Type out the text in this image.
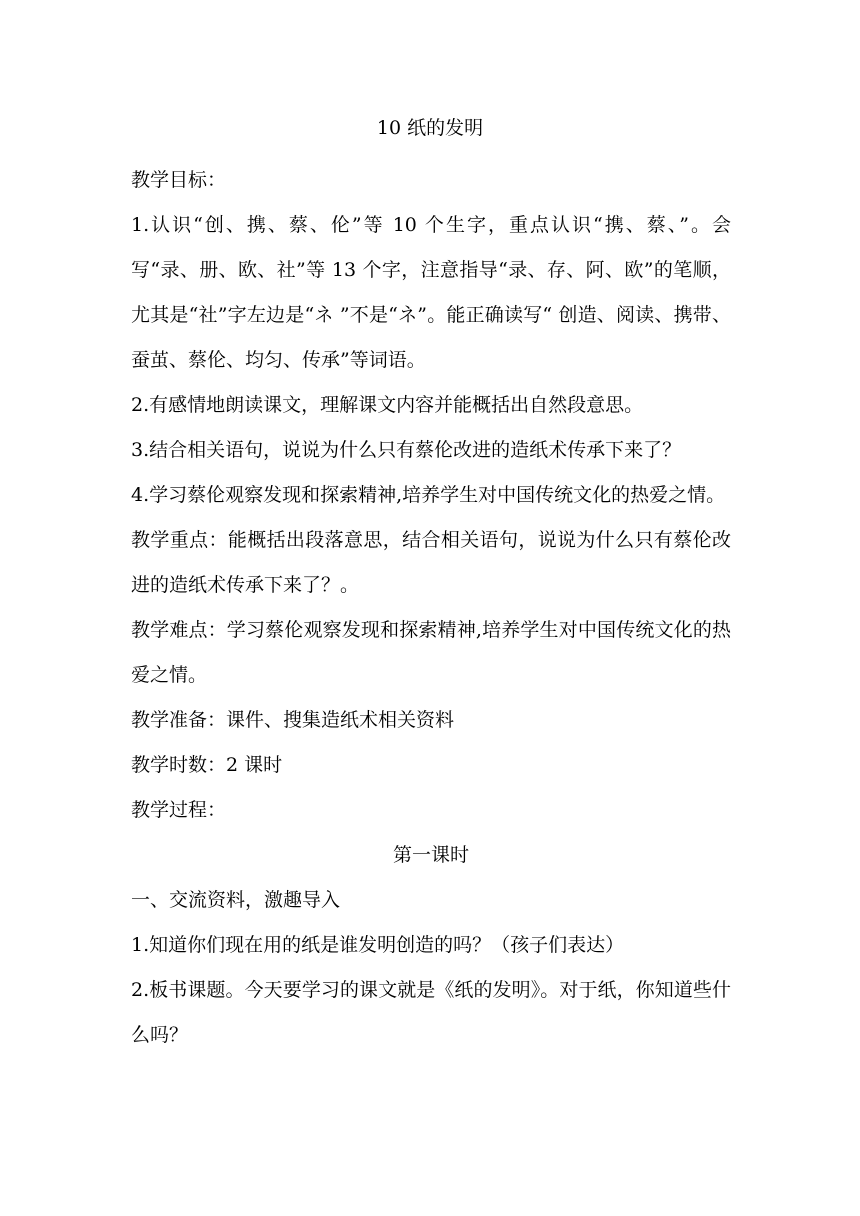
10 纸的发明

教学目标：

1.认识“创、携、蔡、伦”等 10 个生字，重点认识“携、蔡、”。会写“录、册、欧、社”等 13 个字，注意指导“录、存、阿、欧”的笔顺，尤其是“社”字左边是“ネ ”不是“ネ”。能正确读写“ 创造、阅读、携带、蚕茧、蔡伦、均匀、传承”等词语。

2.有感情地朗读课文，理解课文内容并能概括出自然段意思。

3.结合相关语句，说说为什么只有蔡伦改进的造纸术传承下来了？

4.学习蔡伦观察发现和探索精神,培养学生对中国传统文化的热爱之情。

教学重点：能概括出段落意思，结合相关语句，说说为什么只有蔡伦改进的造纸术传承下来了？。

教学难点：学习蔡伦观察发现和探索精神,培养学生对中国传统文化的热爱之情。

教学准备：课件、搜集造纸术相关资料

教学时数：2 课时

教学过程：

第一课时

一、交流资料，激趣导入

1.知道你们现在用的纸是谁发明创造的吗？（孩子们表达）

2.板书课题。今天要学习的课文就是《纸的发明》。对于纸，你知道些什么吗？
